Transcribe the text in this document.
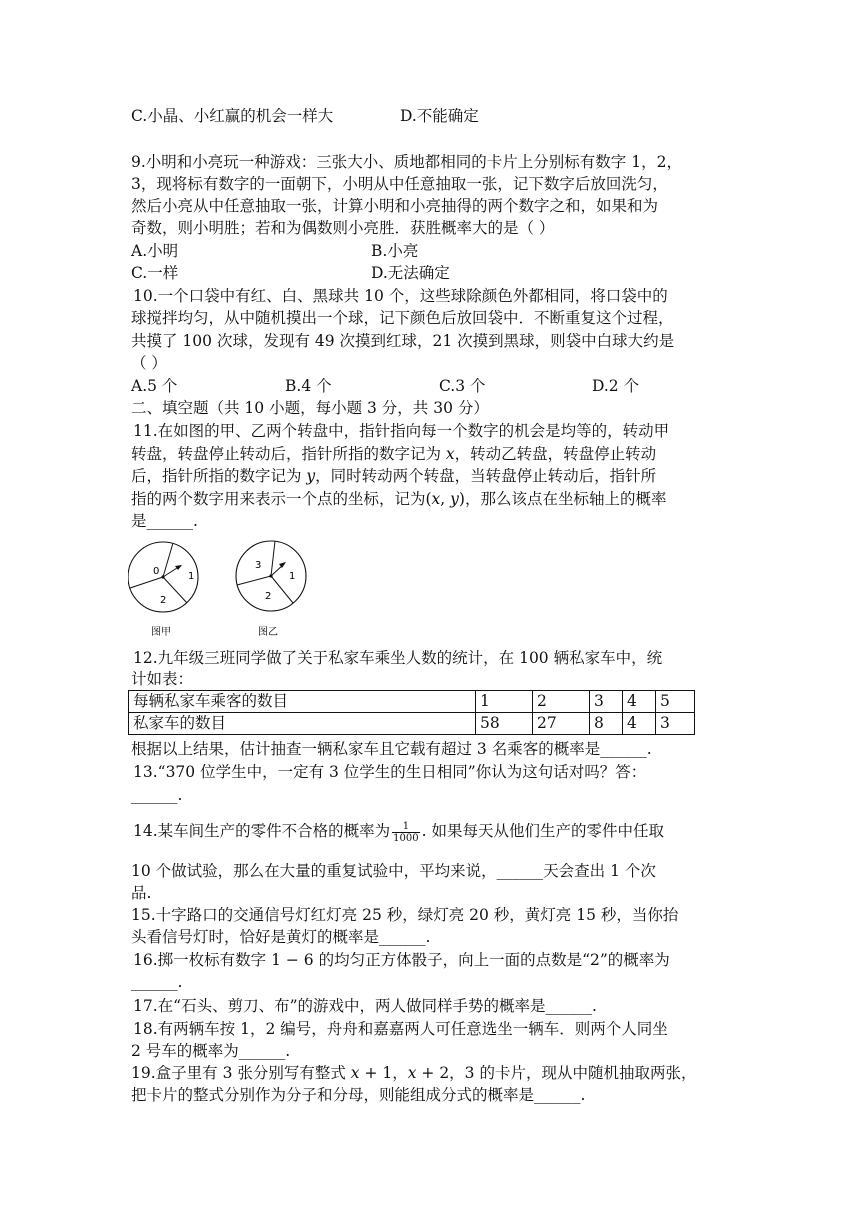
C.小晶、小红赢的机会一样大	D.不能确定
9.小明和小亮玩一种游戏：三张大小、质地都相同的卡片上分别标有数字 1，2，
3，现将标有数字的一面朝下，小明从中任意抽取一张，记下数字后放回洗匀，
然后小亮从中任意抽取一张，计算小明和小亮抽得的两个数字之和，如果和为
奇数，则小明胜；若和为偶数则小亮胜．获胜概率大的是（ ）
A.小明	B.小亮
C.一样	D.无法确定
10.一个口袋中有红、白、黑球共 10 个，这些球除颜色外都相同，将口袋中的
球搅拌均匀，从中随机摸出一个球，记下颜色后放回袋中．不断重复这个过程，
共摸了 100 次球，发现有 49 次摸到红球，21 次摸到黑球，则袋中白球大约是
（ ）
A.5 个	B.4 个	C.3 个	D.2 个
二、填空题（共 10 小题，每小题 3 分，共 30 分）
11.在如图的甲、乙两个转盘中，指针指向每一个数字的机会是均等的，转动甲
转盘，转盘停止转动后，指针所指的数字记为 𝑥，转动乙转盘，转盘停止转动
后，指针所指的数字记为 𝑦，同时转动两个转盘，当转盘停止转动后，指针所
指的两个数字用来表示一个点的坐标，记为(𝑥, 𝑦)，那么该点在坐标轴上的概率
是______.
0	1
2
图甲
3
1
2
图乙
12.九年级三班同学做了关于私家车乘坐人数的统计，在 100 辆私家车中，统
计如表：
每辆私家车乘客的数目	1	2	3	4	5
私家车的数目	58	27	8	4	3
根据以上结果，估计抽查一辆私家车且它载有超过 3 名乘客的概率是______.
13.“370 位学生中，一定有 3 位学生的生日相同”你认为这句话对吗？答：
______.
14.某车间生产的零件不合格的概率为 $\frac{1}{1000}$ . 如果每天从他们生产的零件中任取
10 个做试验，那么在大量的重复试验中，平均来说，______天会查出 1 个次
品.
15.十字路口的交通信号灯红灯亮 25 秒，绿灯亮 20 秒，黄灯亮 15 秒，当你抬
头看信号灯时，恰好是黄灯的概率是______.
16.掷一枚标有数字 1 − 6 的均匀正方体骰子，向上一面的点数是“2”的概率为
______.
17.在“石头、剪刀、布”的游戏中，两人做同样手势的概率是______.
18.有两辆车按 1，2 编号，舟舟和嘉嘉两人可任意选坐一辆车．则两个人同坐
2 号车的概率为______.
19.盒子里有 3 张分别写有整式 𝑥 + 1，𝑥 + 2，3 的卡片，现从中随机抽取两张，
把卡片的整式分别作为分子和分母，则能组成分式的概率是______.
